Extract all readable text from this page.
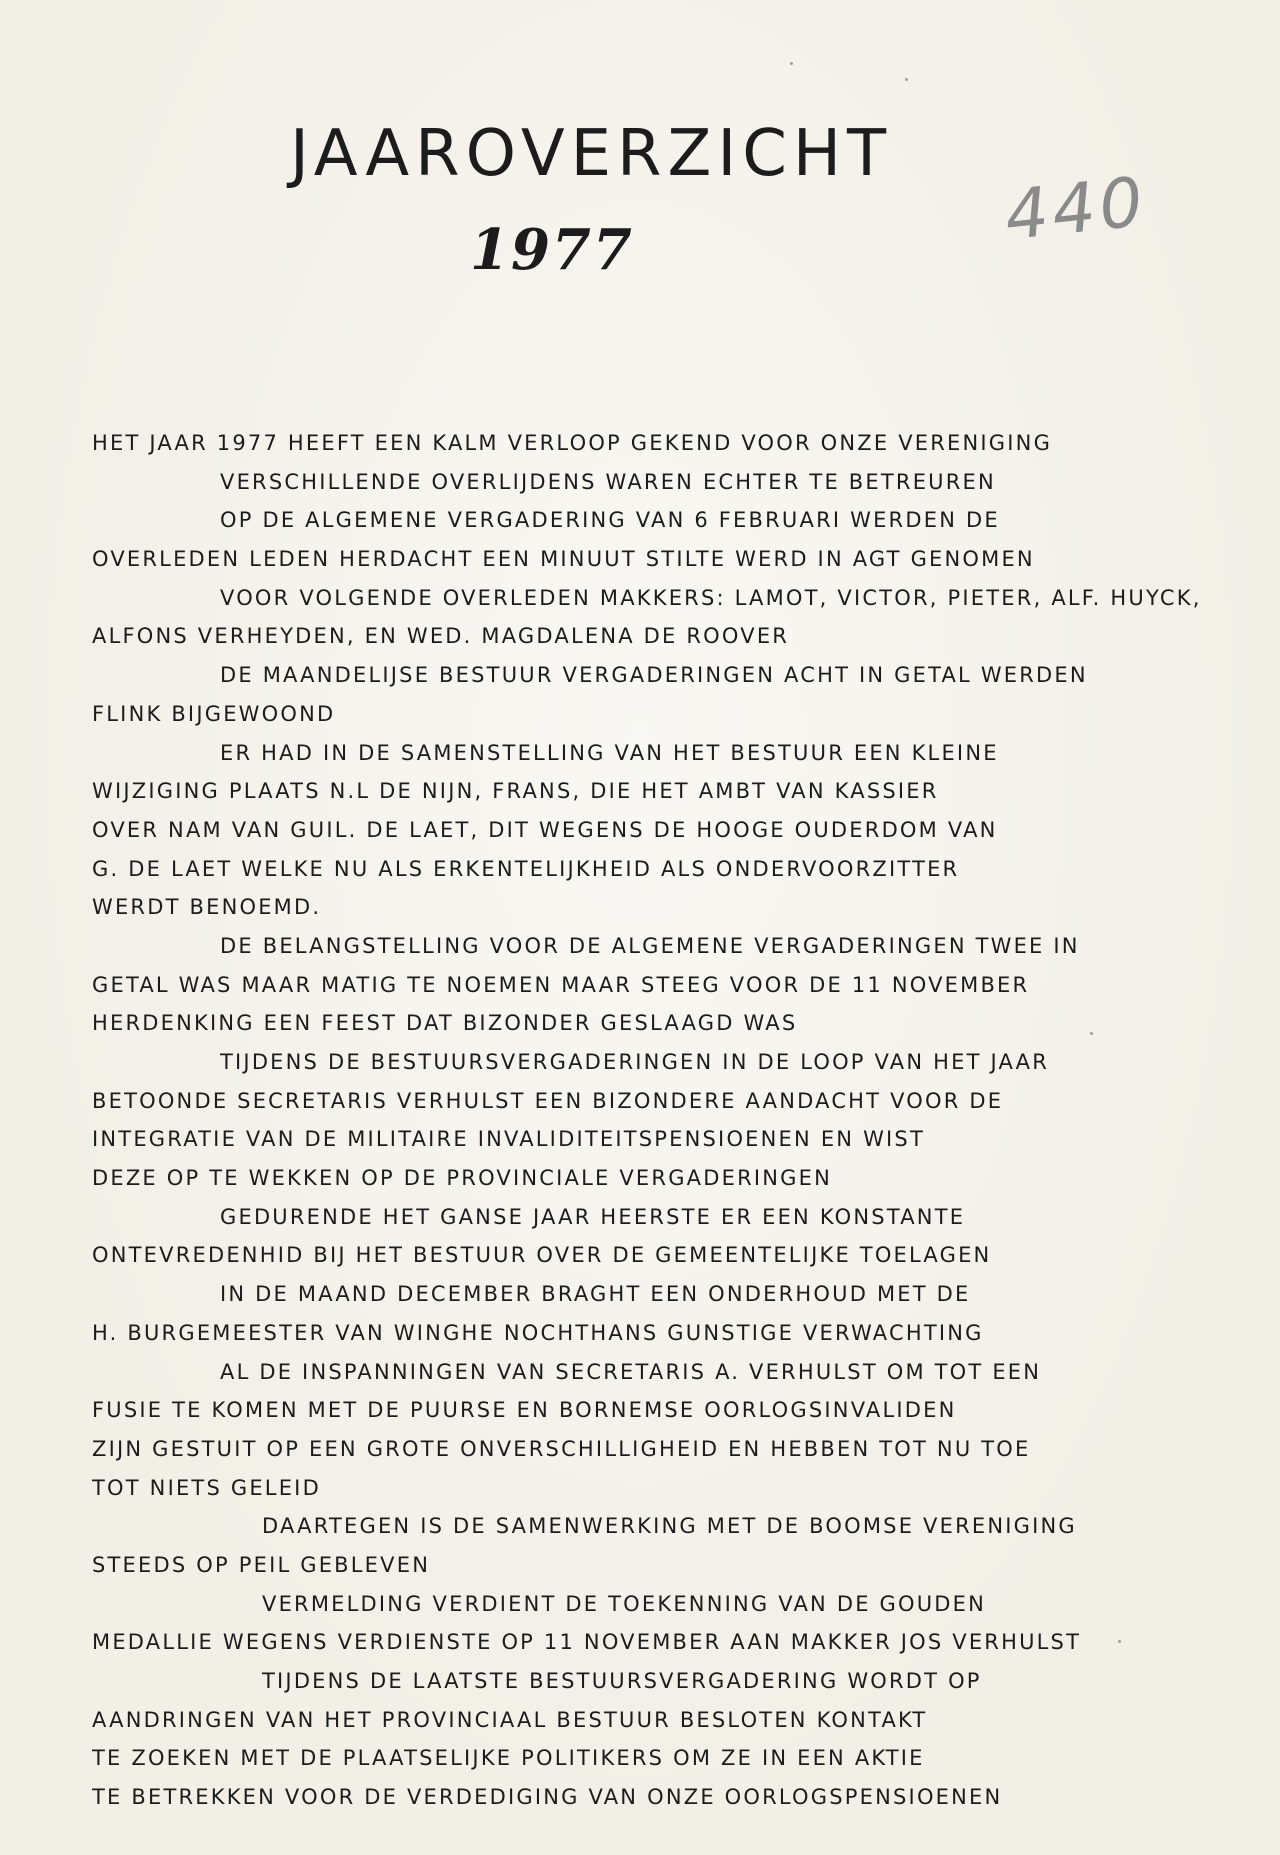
JAAROVERZICHT
1977	440
HET JAAR 1977 HEEFT EEN KALM VERLOOP GEKEND VOOR ONZE VERENIGING
VERSCHILLENDE OVERLIJDENS WAREN ECHTER TE BETREUREN
OP DE ALGEMENE VERGADERING VAN 6 FEBRUARI WERDEN DE
OVERLEDEN LEDEN HERDACHT EEN MINUUT STILTE WERD IN AGT GENOMEN
VOOR VOLGENDE OVERLEDEN MAKKERS: LAMOT, VICTOR, PIETER, ALF. HUYCK,
ALFONS VERHEYDEN, EN WED. MAGDALENA DE ROOVER
DE MAANDELIJSE BESTUUR VERGADERINGEN ACHT IN GETAL WERDEN
FLINK BIJGEWOOND
ER HAD IN DE SAMENSTELLING VAN HET BESTUUR EEN KLEINE
WIJZIGING PLAATS N.L DE NIJN, FRANS, DIE HET AMBT VAN KASSIER
OVER NAM VAN GUIL. DE LAET, DIT WEGENS DE HOOGE OUDERDOM VAN
G. DE LAET WELKE NU ALS ERKENTELIJKHEID ALS ONDERVOORZITTER
WERDT BENOEMD.
DE BELANGSTELLING VOOR DE ALGEMENE VERGADERINGEN TWEE IN
GETAL WAS MAAR MATIG TE NOEMEN MAAR STEEG VOOR DE 11 NOVEMBER
HERDENKING EEN FEEST DAT BIZONDER GESLAAGD WAS
TIJDENS DE BESTUURSVERGADERINGEN IN DE LOOP VAN HET JAAR
BETOONDE SECRETARIS VERHULST EEN BIZONDERE AANDACHT VOOR DE
INTEGRATIE VAN DE MILITAIRE INVALIDITEITSPENSIOENEN EN WIST
DEZE OP TE WEKKEN OP DE PROVINCIALE VERGADERINGEN
GEDURENDE HET GANSE JAAR HEERSTE ER EEN KONSTANTE
ONTEVREDENHID BIJ HET BESTUUR OVER DE GEMEENTELIJKE TOELAGEN
IN DE MAAND DECEMBER BRAGHT EEN ONDERHOUD MET DE
H. BURGEMEESTER VAN WINGHE NOCHTHANS GUNSTIGE VERWACHTING
AL DE INSPANNINGEN VAN SECRETARIS A. VERHULST OM TOT EEN
FUSIE TE KOMEN MET DE PUURSE EN BORNEMSE OORLOGSINVALIDEN
ZIJN GESTUIT OP EEN GROTE ONVERSCHILLIGHEID EN HEBBEN TOT NU TOE
TOT NIETS GELEID
DAARTEGEN IS DE SAMENWERKING MET DE BOOMSE VERENIGING
STEEDS OP PEIL GEBLEVEN
VERMELDING VERDIENT DE TOEKENNING VAN DE GOUDEN
MEDALLIE WEGENS VERDIENSTE OP 11 NOVEMBER AAN MAKKER JOS VERHULST
TIJDENS DE LAATSTE BESTUURSVERGADERING WORDT OP
AANDRINGEN VAN HET PROVINCIAAL BESTUUR BESLOTEN KONTAKT
TE ZOEKEN MET DE PLAATSELIJKE POLITIKERS OM ZE IN EEN AKTIE
TE BETREKKEN VOOR DE VERDEDIGING VAN ONZE OORLOGSPENSIOENEN
